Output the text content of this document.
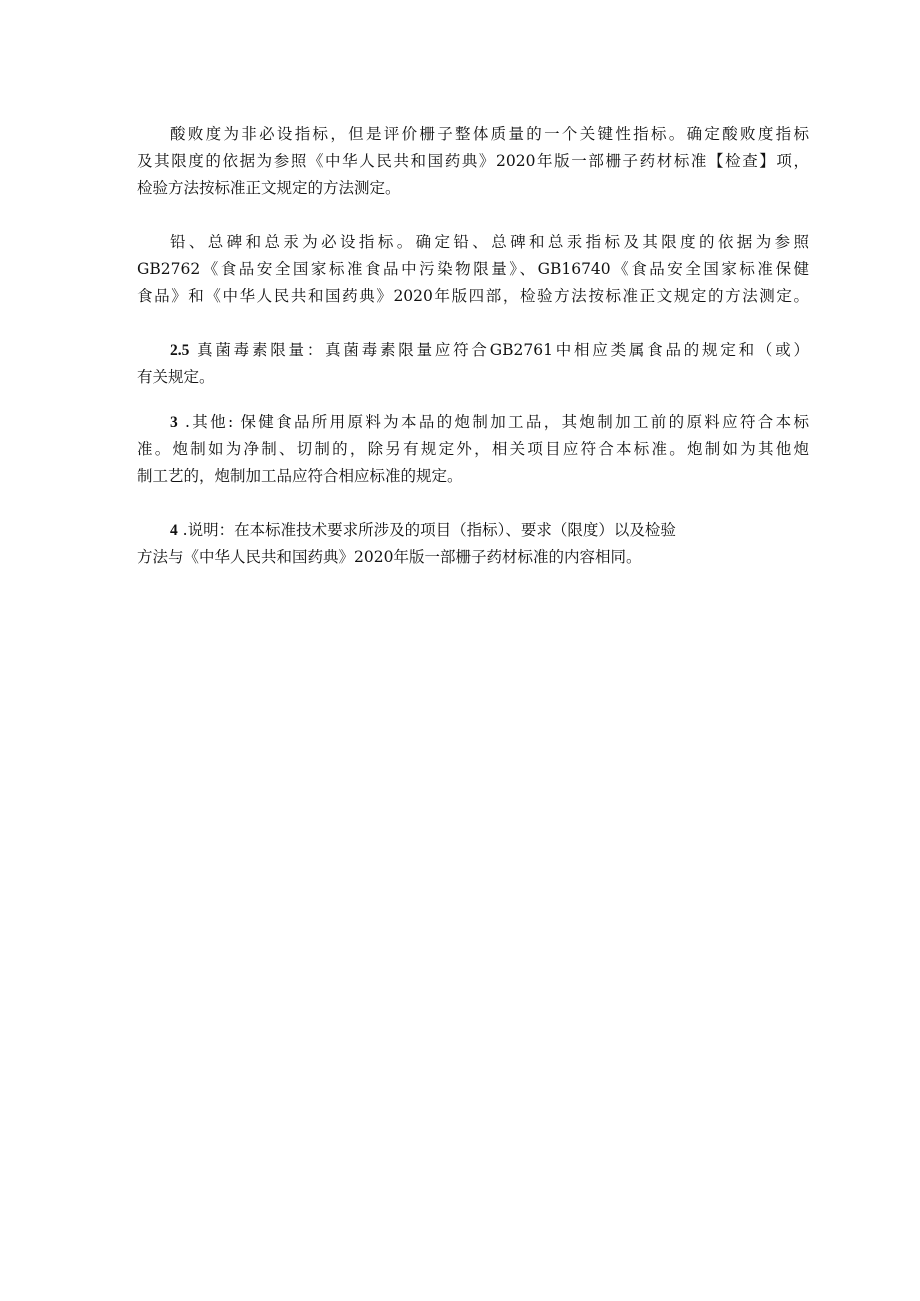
酸败度为非必设指标，但是评价栅子整体质量的一个关键性指标。确定酸败度指标
及其限度的依据为参照《中华人民共和国药典》2020年版一部栅子药材标准【检查】项，
检验方法按标准正文规定的方法测定。
铅、总碑和总汞为必设指标。确定铅、总碑和总汞指标及其限度的依据为参照
GB2762《食品安全国家标准食品中污染物限量》、GB16740《食品安全国家标准保健
食品》和《中华人民共和国药典》2020年版四部，检验方法按标准正文规定的方法测定。
2.5 真菌毒素限量：真菌毒素限量应符合GB2761中相应类属食品的规定和（或）
有关规定。
3 .其他: 保健食品所用原料为本品的炮制加工品，其炮制加工前的原料应符合本标
准。炮制如为净制、切制的，除另有规定外，相关项目应符合本标准。炮制如为其他炮
制工艺的，炮制加工品应符合相应标准的规定。
4 .说明：在本标准技术要求所涉及的项目（指标）、要求（限度）以及检验
方法与《中华人民共和国药典》2020年版一部栅子药材标准的内容相同。
